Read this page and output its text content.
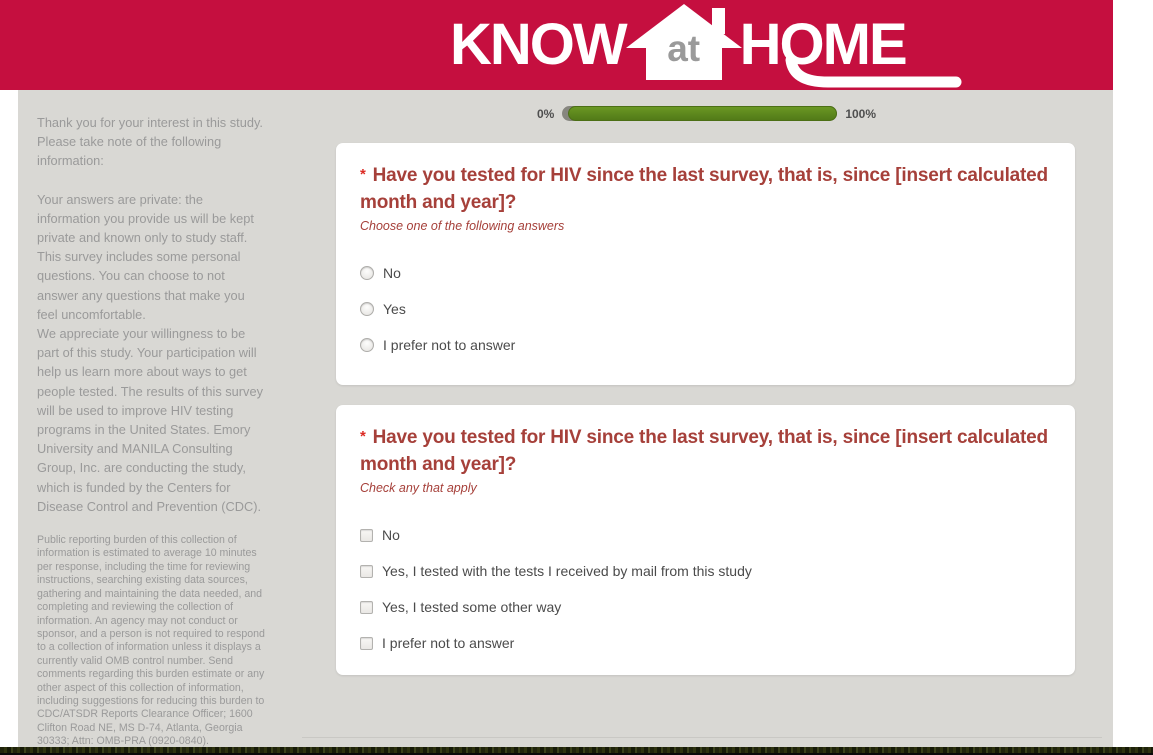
KNOW at HOME

Thank you for your interest in this study. Please take note of the following information:

Your answers are private: the information you provide us will be kept private and known only to study staff. This survey includes some personal questions. You can choose to not answer any questions that make you feel uncomfortable.

We appreciate your willingness to be part of this study. Your participation will help us learn more about ways to get people tested. The results of this survey will be used to improve HIV testing programs in the United States. Emory University and MANILA Consulting Group, Inc. are conducting the study, which is funded by the Centers for Disease Control and Prevention (CDC).

Public reporting burden of this collection of information is estimated to average 10 minutes per response, including the time for reviewing instructions, searching existing data sources, gathering and maintaining the data needed, and completing and reviewing the collection of information. An agency may not conduct or sponsor, and a person is not required to respond to a collection of information unless it displays a currently valid OMB control number. Send comments regarding this burden estimate or any other aspect of this collection of information, including suggestions for reducing this burden to CDC/ATSDR Reports Clearance Officer; 1600 Clifton Road NE, MS D-74, Atlanta, Georgia 30333; Attn: OMB-PRA (0920-0840).

0%	100%
* Have you tested for HIV since the last survey, that is, since [insert calculated month and year]?
Choose one of the following answers
No
Yes
I prefer not to answer
* Have you tested for HIV since the last survey, that is, since [insert calculated month and year]?
Check any that apply
No
Yes, I tested with the tests I received by mail from this study
Yes, I tested some other way
I prefer not to answer
